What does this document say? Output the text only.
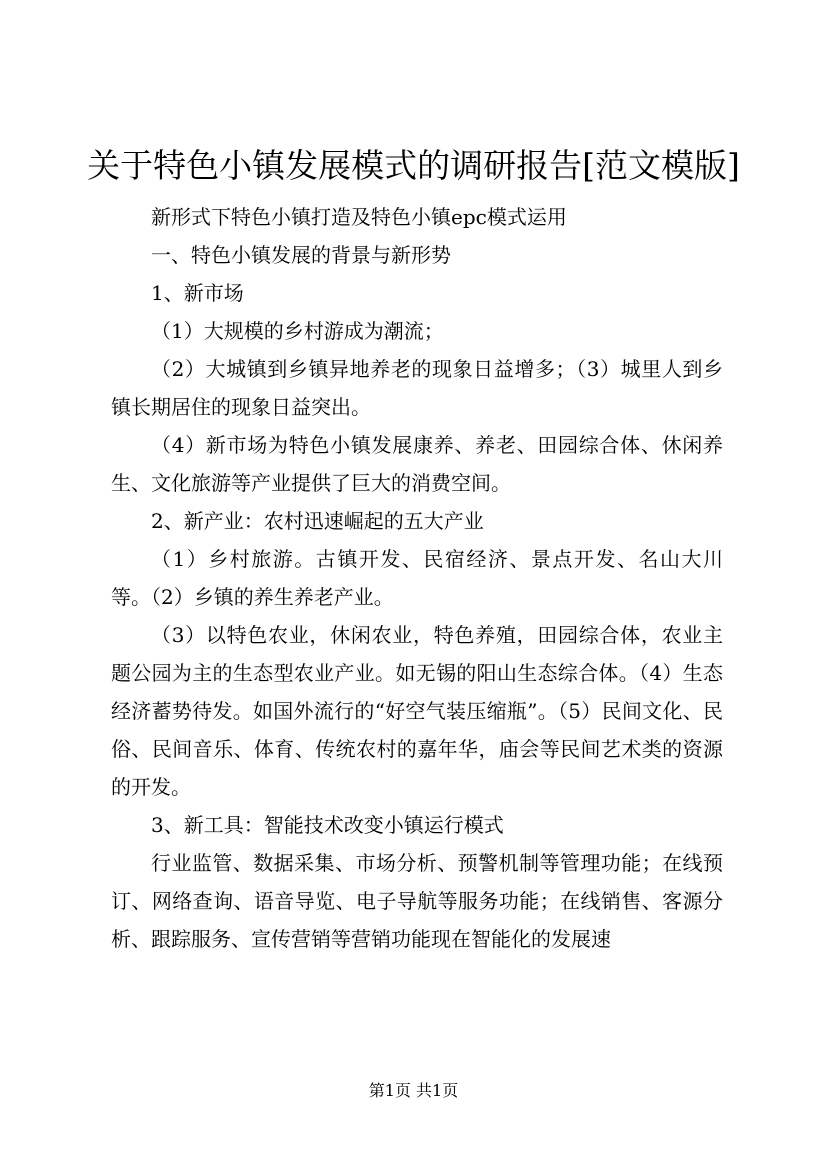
关于特色小镇发展模式的调研报告[范文模版]

新形式下特色小镇打造及特色小镇epc模式运用

一、特色小镇发展的背景与新形势

1、新市场

（1）大规模的乡村游成为潮流；

（2）大城镇到乡镇异地养老的现象日益增多；（3）城里人到乡镇长期居住的现象日益突出。

（4）新市场为特色小镇发展康养、养老、田园综合体、休闲养生、文化旅游等产业提供了巨大的消费空间。

2、新产业：农村迅速崛起的五大产业

（1）乡村旅游。古镇开发、民宿经济、景点开发、名山大川等。（2）乡镇的养生养老产业。

（3）以特色农业，休闲农业，特色养殖，田园综合体，农业主题公园为主的生态型农业产业。如无锡的阳山生态综合体。（4）生态经济蓄势待发。如国外流行的“好空气装压缩瓶”。（5）民间文化、民俗、民间音乐、体育、传统农村的嘉年华，庙会等民间艺术类的资源的开发。

3、新工具：智能技术改变小镇运行模式

行业监管、数据采集、市场分析、预警机制等管理功能；在线预订、网络查询、语音导览、电子导航等服务功能；在线销售、客源分析、跟踪服务、宣传营销等营销功能现在智能化的发展速

第1页 共1页
